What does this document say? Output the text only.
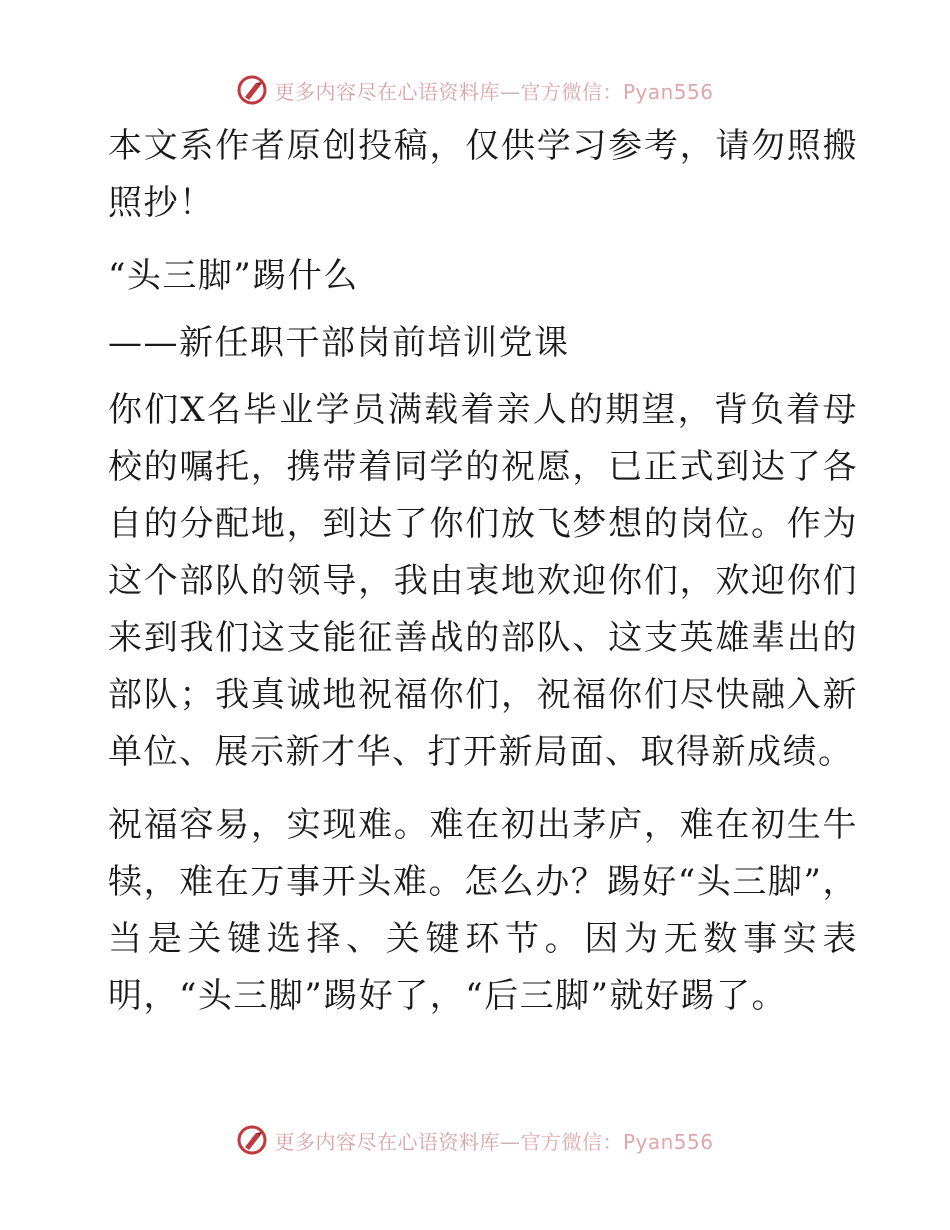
更多内容尽在心语资料库—官方微信：Pyan556

本文系作者原创投稿，仅供学习参考，请勿照搬照抄！

“头三脚”踢什么

——新任职干部岗前培训党课

你们X名毕业学员满载着亲人的期望，背负着母校的嘱托，携带着同学的祝愿，已正式到达了各自的分配地，到达了你们放飞梦想的岗位。作为这个部队的领导，我由衷地欢迎你们，欢迎你们来到我们这支能征善战的部队、这支英雄辈出的部队；我真诚地祝福你们，祝福你们尽快融入新单位、展示新才华、打开新局面、取得新成绩。

祝福容易，实现难。难在初出茅庐，难在初生牛犊，难在万事开头难。怎么办？踢好“头三脚”，当是关键选择、关键环节。因为无数事实表明，“头三脚”踢好了，“后三脚”就好踢了。

更多内容尽在心语资料库—官方微信：Pyan556
